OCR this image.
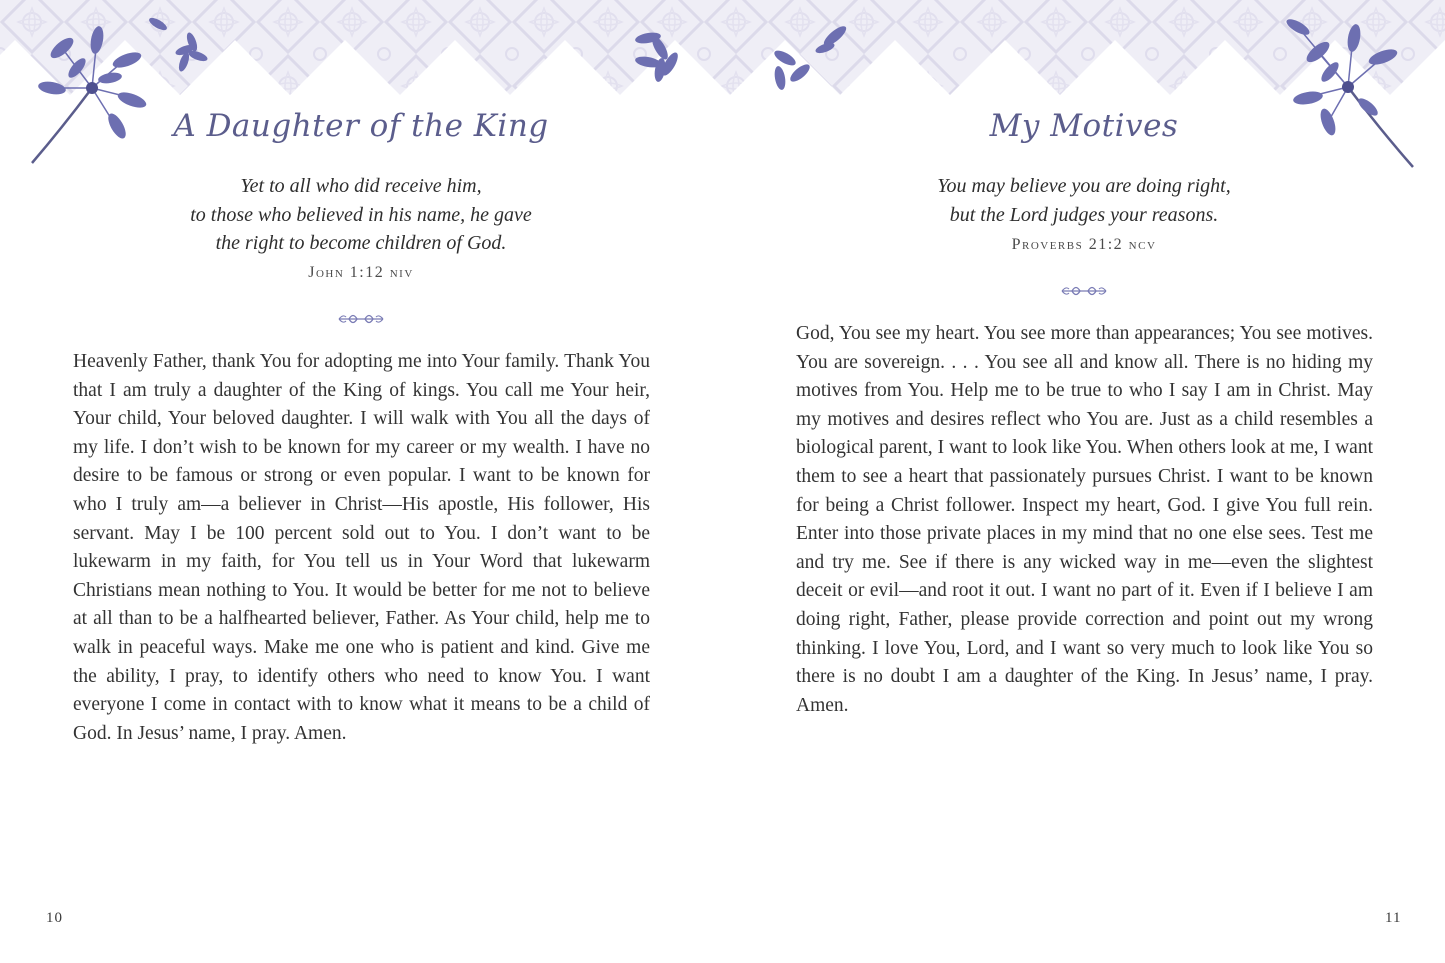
A Daughter of the King
Yet to all who did receive him,
to those who believed in his name, he gave
the right to become children of God.
John 1:12 niv
Heavenly Father, thank You for adopting me into Your family. Thank You that I am truly a daughter of the King of kings. You call me Your heir, Your child, Your beloved daughter. I will walk with You all the days of my life. I don’t wish to be known for my career or my wealth. I have no desire to be famous or strong or even popular. I want to be known for who I truly am—a believer in Christ—His apostle, His follower, His servant. May I be 100 percent sold out to You. I don’t want to be lukewarm in my faith, for You tell us in Your Word that lukewarm Christians mean nothing to You. It would be better for me not to believe at all than to be a halfhearted believer, Father. As Your child, help me to walk in peaceful ways. Make me one who is patient and kind. Give me the ability, I pray, to identify others who need to know You. I want everyone I come in contact with to know what it means to be a child of God. In Jesus’ name, I pray. Amen.
10
My Motives
You may believe you are doing right,
but the Lord judges your reasons.
Proverbs 21:2 ncv
God, You see my heart. You see more than appearances; You see motives. You are sovereign. . . . You see all and know all. There is no hiding my motives from You. Help me to be true to who I say I am in Christ. May my motives and desires reflect who You are. Just as a child resembles a biological parent, I want to look like You. When others look at me, I want them to see a heart that passionately pursues Christ. I want to be known for being a Christ follower. Inspect my heart, God. I give You full rein. Enter into those private places in my mind that no one else sees. Test me and try me. See if there is any wicked way in me—even the slightest deceit or evil—and root it out. I want no part of it. Even if I believe I am doing right, Father, please provide correction and point out my wrong thinking. I love You, Lord, and I want so very much to look like You so there is no doubt I am a daughter of the King. In Jesus’ name, I pray. Amen.
11
